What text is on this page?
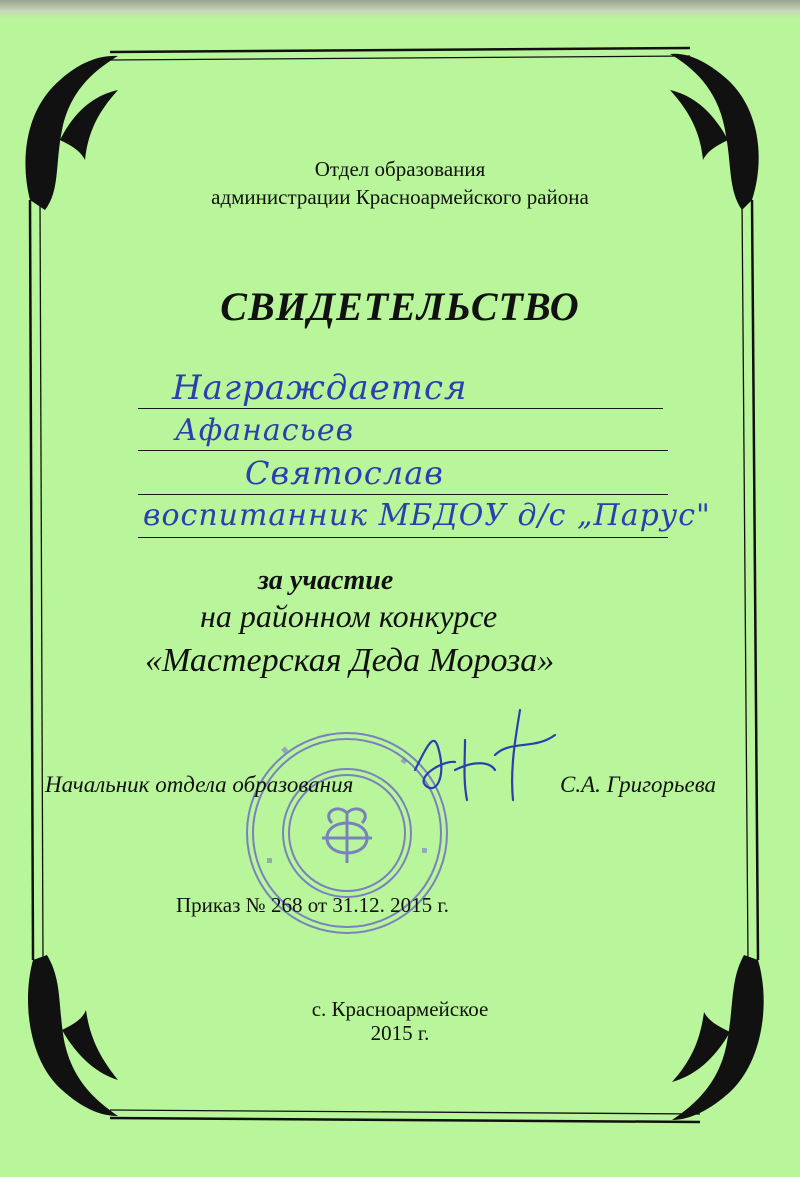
Отдел образования
администрации Красноармейского района
СВИДЕТЕЛЬСТВО
Награждается
Афанасьев
Святослав
воспитанник МБДОУ д/с „Парус"
за участие
на районном конкурсе
«Мастерская Деда Мороза»
Начальник отдела образования	С.А. Григорьева
Приказ № 268 от 31.12. 2015 г.
с. Красноармейское
2015 г.
